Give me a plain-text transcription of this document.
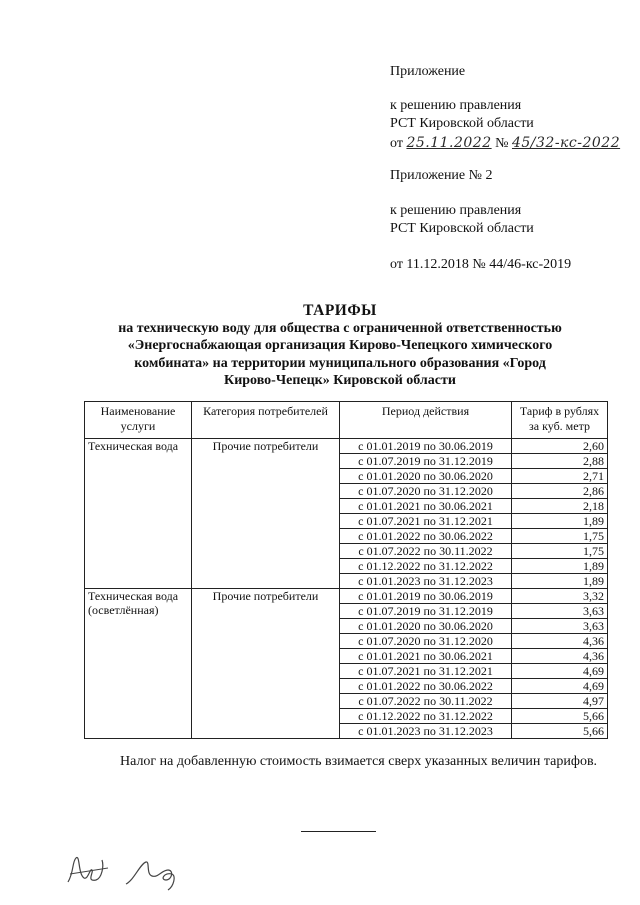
Приложение
к решению правления
РСТ Кировской области
от 25.11.2022 № 45/32-кс-2022
Приложение № 2
к решению правления
РСТ Кировской области
от 11.12.2018 № 44/46-кс-2019
ТАРИФЫ
на техническую воду для общества с ограниченной ответственностью
«Энергоснабжающая организация Кирово-Чепецкого химического
комбината» на территории муниципального образования «Город
Кирово-Чепецк» Кировской области
Наименование услуги	Категория потребителей	Период действия	Тариф в рублях за куб. метр
Техническая вода	Прочие потребители	с 01.01.2019 по 30.06.2019	2,60
		с 01.07.2019 по 31.12.2019	2,88
		с 01.01.2020 по 30.06.2020	2,71
		с 01.07.2020 по 31.12.2020	2,86
		с 01.01.2021 по 30.06.2021	2,18
		с 01.07.2021 по 31.12.2021	1,89
		с 01.01.2022 по 30.06.2022	1,75
		с 01.07.2022 по 30.11.2022	1,75
		с 01.12.2022 по 31.12.2022	1,89
		с 01.01.2023 по 31.12.2023	1,89
Техническая вода (осветлённая)	Прочие потребители	с 01.01.2019 по 30.06.2019	3,32
		с 01.07.2019 по 31.12.2019	3,63
		с 01.01.2020 по 30.06.2020	3,63
		с 01.07.2020 по 31.12.2020	4,36
		с 01.01.2021 по 30.06.2021	4,36
		с 01.07.2021 по 31.12.2021	4,69
		с 01.01.2022 по 30.06.2022	4,69
		с 01.07.2022 по 30.11.2022	4,97
		с 01.12.2022 по 31.12.2022	5,66
		с 01.01.2023 по 31.12.2023	5,66
Налог на добавленную стоимость взимается сверх указанных величин тарифов.
